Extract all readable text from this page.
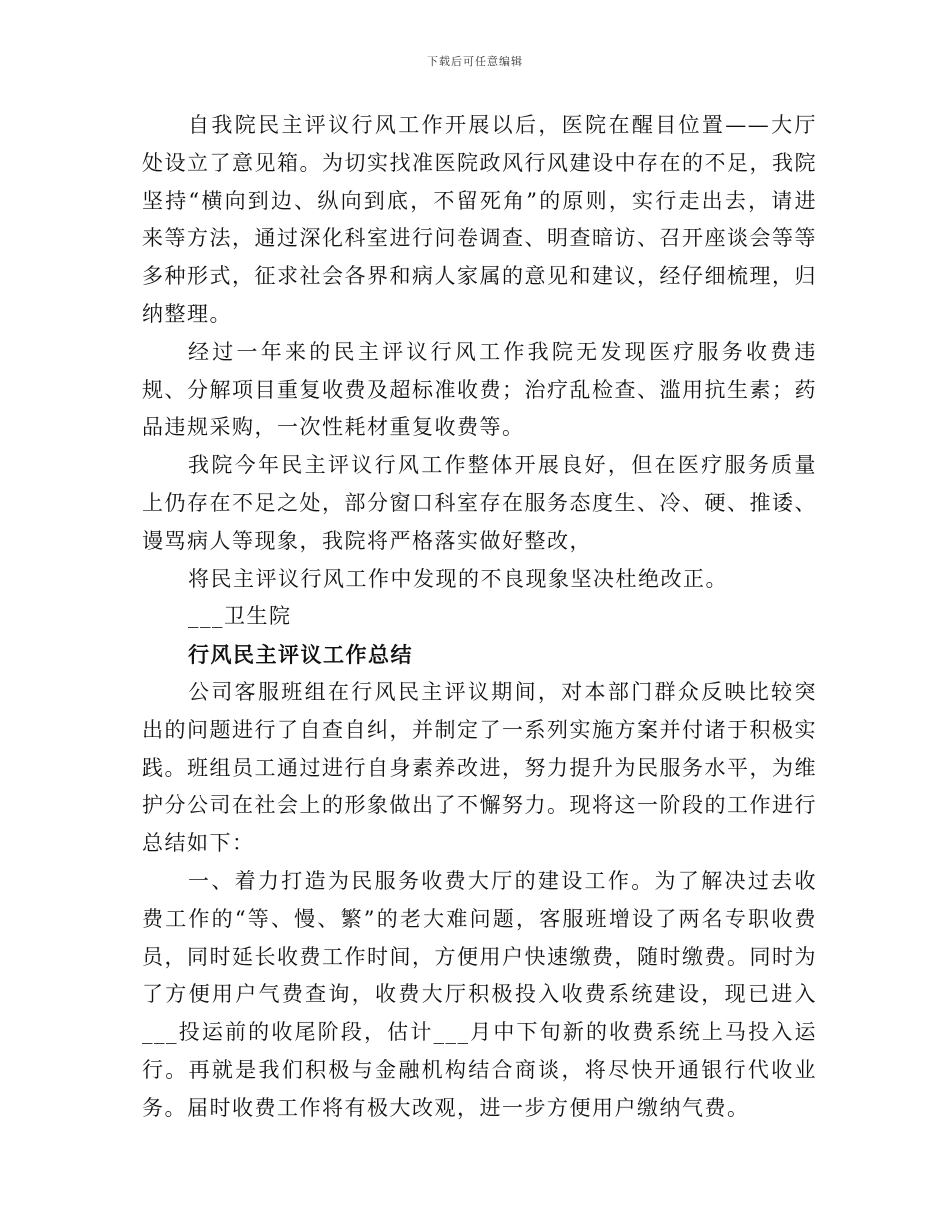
下载后可任意编辑

自我院民主评议行风工作开展以后，医院在醒目位置——大厅处设立了意见箱。为切实找准医院政风行风建设中存在的不足，我院坚持“横向到边、纵向到底，不留死角”的原则，实行走出去，请进来等方法，通过深化科室进行问卷调查、明查暗访、召开座谈会等等多种形式，征求社会各界和病人家属的意见和建议，经仔细梳理，归纳整理。

经过一年来的民主评议行风工作我院无发现医疗服务收费违规、分解项目重复收费及超标准收费；治疗乱检查、滥用抗生素；药品违规采购，一次性耗材重复收费等。

我院今年民主评议行风工作整体开展良好，但在医疗服务质量上仍存在不足之处，部分窗口科室存在服务态度生、冷、硬、推诿、谩骂病人等现象，我院将严格落实做好整改，

将民主评议行风工作中发现的不良现象坚决杜绝改正。

___卫生院

行风民主评议工作总结

公司客服班组在行风民主评议期间，对本部门群众反映比较突出的问题进行了自查自纠，并制定了一系列实施方案并付诸于积极实践。班组员工通过进行自身素养改进，努力提升为民服务水平，为维护分公司在社会上的形象做出了不懈努力。现将这一阶段的工作进行总结如下：

一、着力打造为民服务收费大厅的建设工作。为了解决过去收费工作的“等、慢、繁”的老大难问题，客服班增设了两名专职收费员，同时延长收费工作时间，方便用户快速缴费，随时缴费。同时为了方便用户气费查询，收费大厅积极投入收费系统建设，现已进入___投运前的收尾阶段，估计___月中下旬新的收费系统上马投入运行。再就是我们积极与金融机构结合商谈，将尽快开通银行代收业务。届时收费工作将有极大改观，进一步方便用户缴纳气费。
